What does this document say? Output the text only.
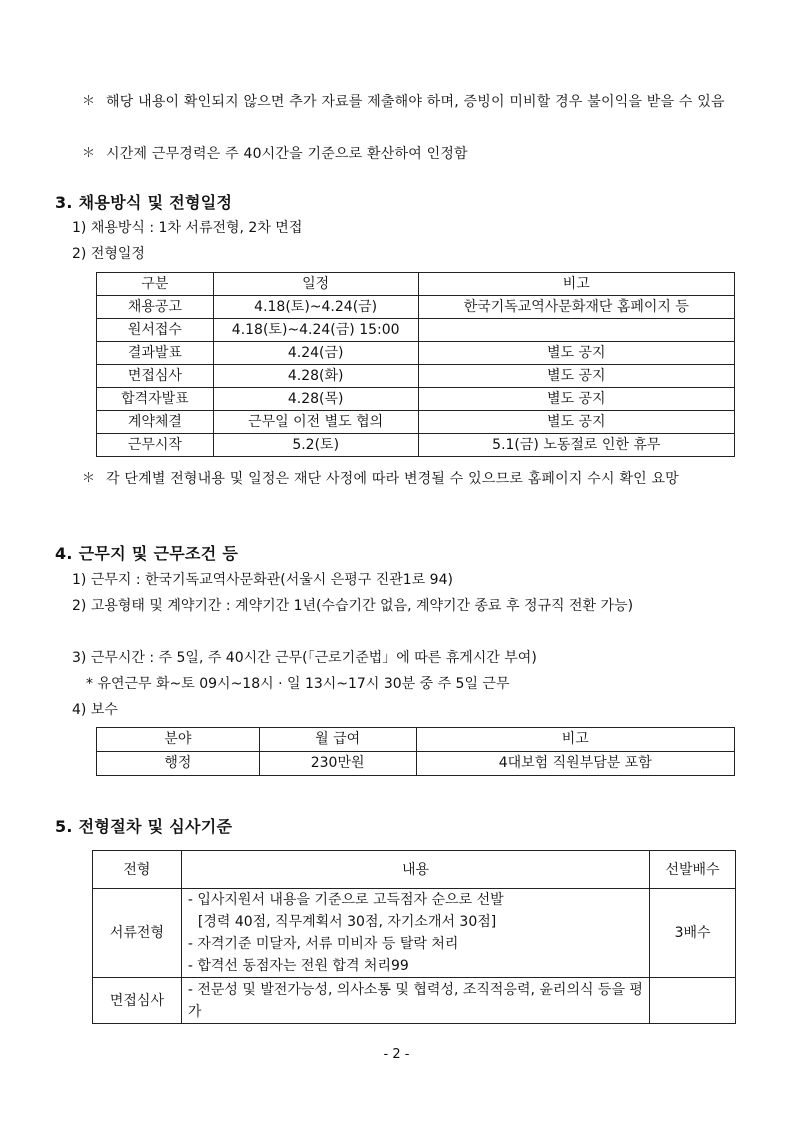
＊ 해당 내용이 확인되지 않으면 추가 자료를 제출해야 하며, 증빙이 미비할 경우 불이익을 받을 수 있음
＊ 시간제 근무경력은 주 40시간을 기준으로 환산하여 인정함
3. 채용방식 및 전형일정
1) 채용방식 : 1차 서류전형, 2차 면접
2) 전형일정
구분	일정	비고
채용공고	4.18(토)~4.24(금)	한국기독교역사문화재단 홈페이지 등
원서접수	4.18(토)~4.24(금) 15:00	
결과발표	4.24(금)	별도 공지
면접심사	4.28(화)	별도 공지
합격자발표	4.28(목)	별도 공지
계약체결	근무일 이전 별도 협의	별도 공지
근무시작	5.2(토)	5.1(금) 노동절로 인한 휴무
＊ 각 단계별 전형내용 및 일정은 재단 사정에 따라 변경될 수 있으므로 홈페이지 수시 확인 요망
4. 근무지 및 근무조건 등
1) 근무지 : 한국기독교역사문화관(서울시 은평구 진관1로 94)
2) 고용형태 및 계약기간 : 계약기간 1년(수습기간 없음, 계약기간 종료 후 정규직 전환 가능)
3) 근무시간 : 주 5일, 주 40시간 근무(「근로기준법」에 따른 휴게시간 부여)
* 유연근무 화~토 09시~18시 · 일 13시~17시 30분 중 주 5일 근무
4) 보수
분야	월 급여	비고
행정	230만원	4대보험 직원부담분 포함
5. 전형절차 및 심사기준
전형	내용	선발배수
서류전형	- 입사지원서 내용을 기준으로 고득점자 순으로 선발
[경력 40점, 직무계획서 30점, 자기소개서 30점]
- 자격기준 미달자, 서류 미비자 등 탈락 처리
- 합격선 동점자는 전원 합격 처리99	3배수
면접심사	- 전문성 및 발전가능성, 의사소통 및 협력성, 조직적응력, 윤리의식 등을 평가	

- 2 -
